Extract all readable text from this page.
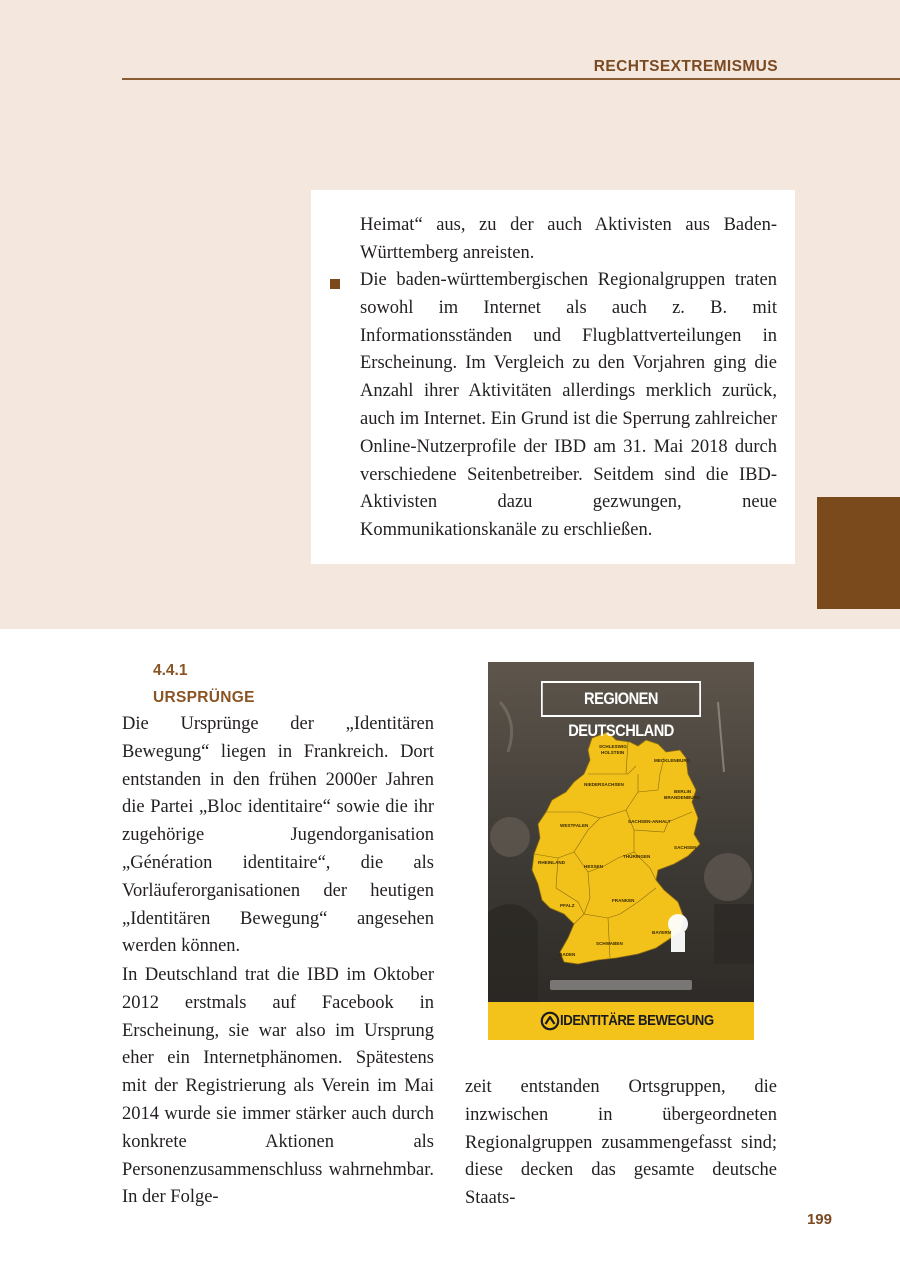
RECHTSEXTREMISMUS

Heimat“ aus, zu der auch Aktivisten aus Baden-Württemberg anreisten.

Die baden-württembergischen Regionalgruppen traten sowohl im Internet als auch z. B. mit Informationsständen und Flugblattverteilungen in Erscheinung. Im Vergleich zu den Vorjahren ging die Anzahl ihrer Aktivitäten allerdings merklich zurück, auch im Internet. Ein Grund ist die Sperrung zahlreicher Online-Nutzerprofile der IBD am 31. Mai 2018 durch verschiedene Seitenbetreiber. Seitdem sind die IBD-Aktivisten dazu gezwungen, neue Kommunikationskanäle zu erschließen.

4.4.1
URSPRÜNGE

Die Ursprünge der „Identitären Bewegung“ liegen in Frankreich. Dort entstanden in den frühen 2000er Jahren die Partei „Bloc identitaire“ sowie die ihr zugehörige Jugendorganisation „Génération identitaire“, die als Vorläuferorganisationen der heutigen „Identitären Bewegung“ angesehen werden können.

In Deutschland trat die IBD im Oktober 2012 erstmals auf Facebook in Erscheinung, sie war also im Ursprung eher ein Internetphänomen. Spätestens mit der Registrierung als Verein im Mai 2014 wurde sie immer stärker auch durch konkrete Aktionen als Personenzusammenschluss wahrnehmbar. In der Folge-

zeit entstanden Ortsgruppen, die inzwischen in übergeordneten Regionalgruppen zusammengefasst sind; diese decken das gesamte deutsche Staats-

REGIONEN DEUTSCHLAND
SCHLESWIG
HOLSTEIN
MECKLENBURG
NIEDERSACHSEN
BERLIN
BRANDENBURG
WESTFALEN
SACHSEN-ANHALT
SACHSEN
THÜRINGEN
RHEINLAND
HESSEN
PFALZ
FRANKEN
BAYERN
SCHWABEN
BADEN
IDENTITÄRE BEWEGUNG
199
